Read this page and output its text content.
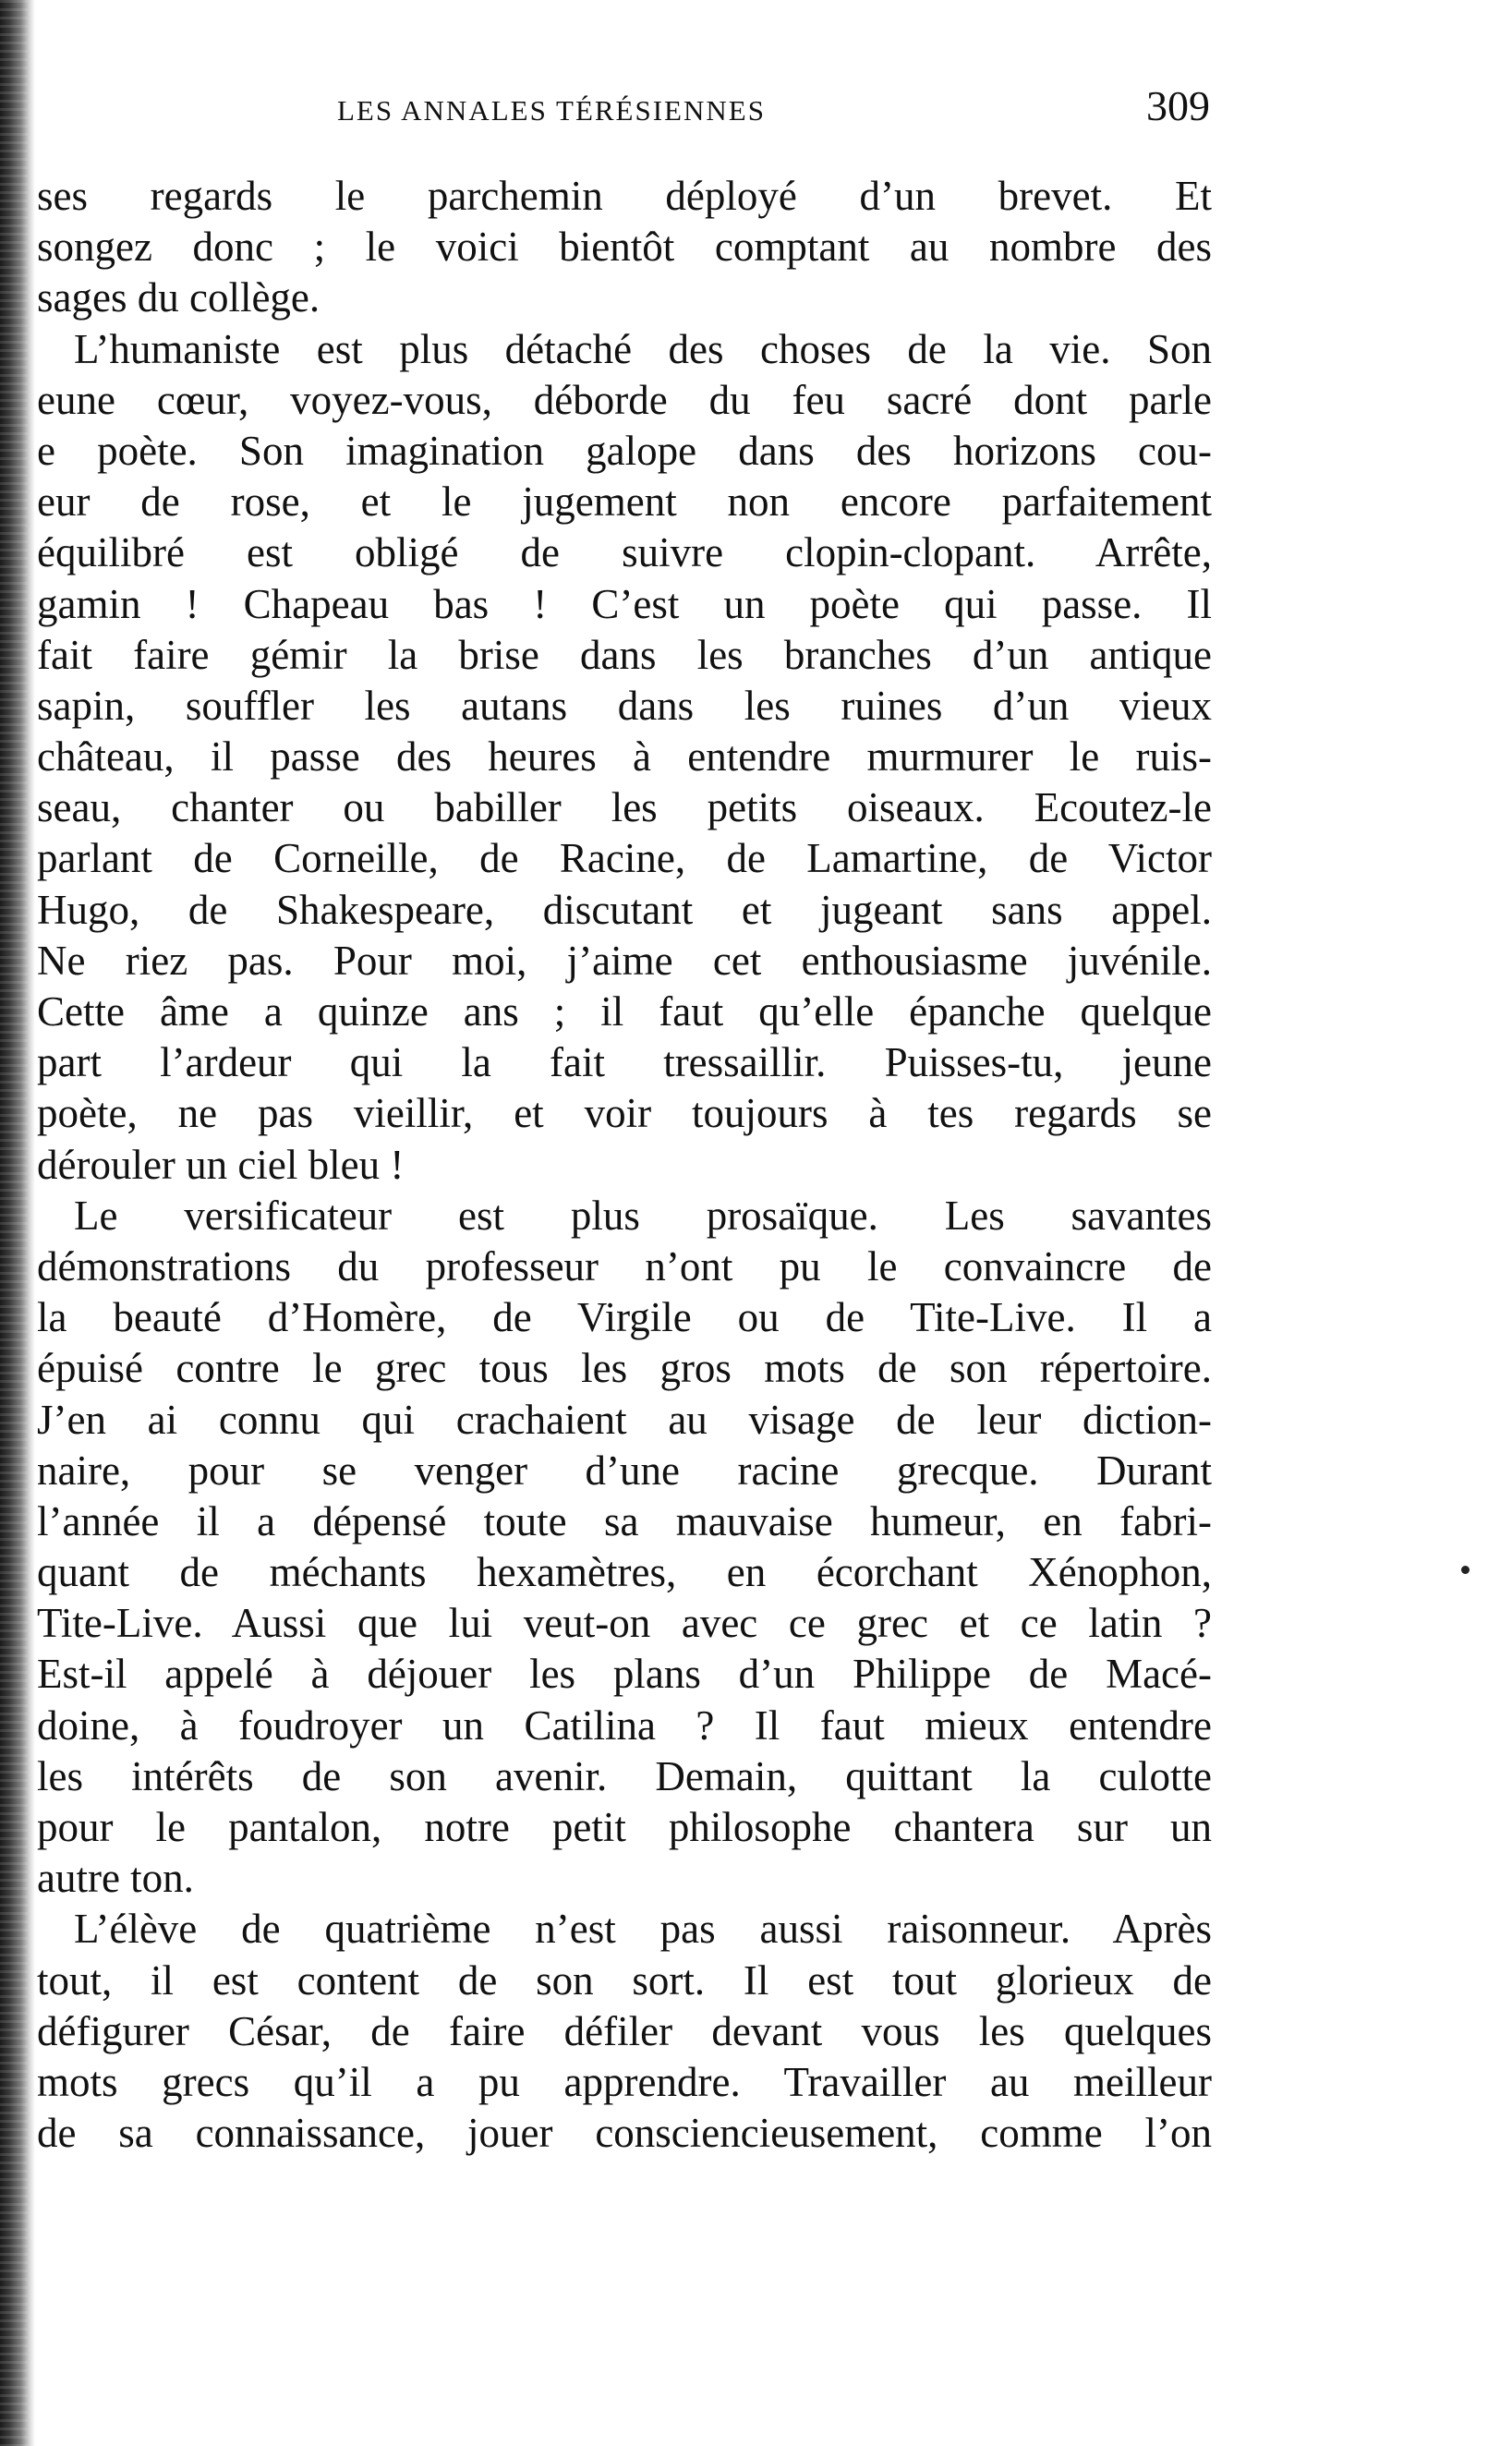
LES ANNALES TÉRÉSIENNES	309
ses regards le parchemin déployé d’un brevet. Et
songez donc ; le voici bientôt comptant au nombre des
sages du collège.
L’humaniste est plus détaché des choses de la vie. Son
eune cœur, voyez-vous, déborde du feu sacré dont parle
e poète. Son imagination galope dans des horizons cou-
eur de rose, et le jugement non encore parfaitement
équilibré est obligé de suivre clopin-clopant. Arrête,
gamin ! Chapeau bas ! C’est un poète qui passe. Il
fait faire gémir la brise dans les branches d’un antique
sapin, souffler les autans dans les ruines d’un vieux
château, il passe des heures à entendre murmurer le ruis-
seau, chanter ou babiller les petits oiseaux. Ecoutez-le
parlant de Corneille, de Racine, de Lamartine, de Victor
Hugo, de Shakespeare, discutant et jugeant sans appel.
Ne riez pas. Pour moi, j’aime cet enthousiasme juvénile.
Cette âme a quinze ans ; il faut qu’elle épanche quelque
part l’ardeur qui la fait tressaillir. Puisses-tu, jeune
poète, ne pas vieillir, et voir toujours à tes regards se
dérouler un ciel bleu !
Le versificateur est plus prosaïque. Les savantes
démonstrations du professeur n’ont pu le convaincre de
la beauté d’Homère, de Virgile ou de Tite-Live. Il a
épuisé contre le grec tous les gros mots de son répertoire.
J’en ai connu qui crachaient au visage de leur diction-
naire, pour se venger d’une racine grecque. Durant
l’année il a dépensé toute sa mauvaise humeur, en fabri-
quant de méchants hexamètres, en écorchant Xénophon,
Tite-Live. Aussi que lui veut-on avec ce grec et ce latin ?
Est-il appelé à déjouer les plans d’un Philippe de Macé-
doine, à foudroyer un Catilina ? Il faut mieux entendre
les intérêts de son avenir. Demain, quittant la culotte
pour le pantalon, notre petit philosophe chantera sur un
autre ton.
L’élève de quatrième n’est pas aussi raisonneur. Après
tout, il est content de son sort. Il est tout glorieux de
défigurer César, de faire défiler devant vous les quelques
mots grecs qu’il a pu apprendre. Travailler au meilleur
de sa connaissance, jouer consciencieusement, comme l’on
